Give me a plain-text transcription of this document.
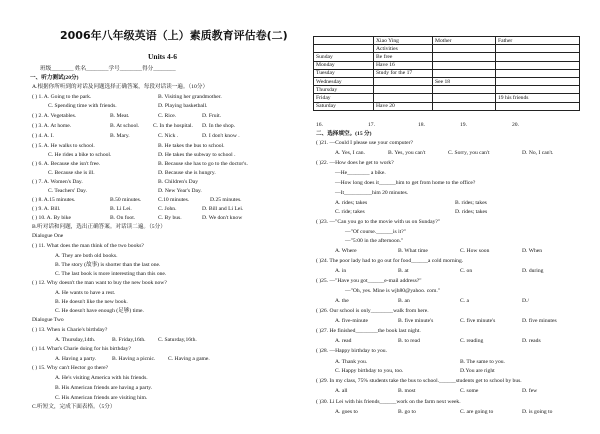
2006年八年级英语（上）素质教育评估卷(二)
Units 4-6
班级________ 姓名________学号________得分________
一、听力测试(20分)
A.根据你所听到的对话及问题选择正确答案，每段对话读一遍。（10分）
( ) 1. A. Going to the park.	B. Visiting her grandmother.
C. Spending time with friends.	D. Playing basketball.
( ) 2. A. Vegetables.	B. Meat.	C. Rice.	D. Fruit.
( ) 3. A. At home.	B. At school. C. In the hospital. D. In the shop.
( ) 4. A. I.	B. Mary.	C. Nick .	D. I don't know .
( ) 5. A. He walks to school.	B. He takes the bus to school.
C. He rides a bike to school.	D. He takes the subway to school .
( ) 6. A. Because she isn't free.	B. Because she has to go to the doctor's.
C. Because she is ill.	D. Because she is hungry.
( ) 7. A. Women's Day.	B. Children's Day
C. Teachers' Day.	D. New Year's Day.
( ) 8. A.15 minutes.	B.50 minutes.	C.10 minutes.	D.25 minutes.
( ) 9. A. Bill.	B. Li Lei.	C. John.	D. Bill and Li Lei.
( ) 10. A. By bike	B. On foot.	C. By bus.	D. We don't know
B.听对话和问题，选出正确答案。对话读二遍。（5分）
Dialogue One
( ) 11. What does the man think of the two books?
A. They are both old books.
B. The story (故事) is shorter than the last one.
C. The last book is more interesting than this one.
( ) 12. Why doesn't the man want to buy the new book now?
A. He wants to have a rest.
B. He doesn't like the new book.
C. He doesn't have enough (足够) time.
Dialogue Two
( ) 13. When is Charie's birthday?
A. Thursday,14th.	B. Friday,16th. C. Saturday,16th.
( ) 14. What's Charie doing for his birthday?
A. Having a party.	B. Having a picnic. C. Having a game.
( ) 15. Why can't Hector go there?
A. He's visiting America with his friends.
B. His American friends are having a party.
C. His American friends are visiting him.
C.听短文，完成下面表格。（5分）
	Xiao Ying	Mother	Father
	Activities		
Sunday	Be free		
Monday	Have 16		
Tuesday	Study for the 17		
Wednesday		See 18	
Thursday			
Friday			19 his friends
Saturday	Have 20		
16.	17.	18.	19.	20.
二、选择填空。(15 分)
( )21. —Could I please use your computer?
A. Yes, I can.	B. Yes, you can't	C. Sorry, you can't	D. No, I can't.
( )22. —How does he get to work?
—He________ a bike.
—How long does it______him to get from home to the office?
—It__________him 20 minutes.
A. rides; takes	B. rides; takes
C. ride; takes	D. rides; takes
( )23. —"Can you go to the movie with us on Sunday?"
—"Of course.______is it?"
—"5:00 in the afternoon."
A. Where	B. What time	C. How soon	D. When
( )24. The poor lady had to go out for food______a cold morning.
A. in	B. at	C. on	D. during
( )25. —"Have you got______e-mail address?"
—"Oh, yes. Mine is wjh80@yahoo. com."
A. the	B. an	C. a	D./
( )26. Our school is only________walk from here.
A. five-minute	B. five minute's	C. five minute's	D. five minutes
( )27. He finished________the book last night.
A. read	B. to read	C. reading	D. reads
( )28. —Happy birthday to you.
A. Thank you.	B. The same to you.
C. Happy birthday to you, too.	D.You are right
( )29. In my class, 75% students take the bus to school.______students get to school by bus.
A. all	B. most	C. some	D. few
( )30. Li Lei with his friends______work on the farm next week.
A. goes to	B. go to	C. are going to	D. is going to
